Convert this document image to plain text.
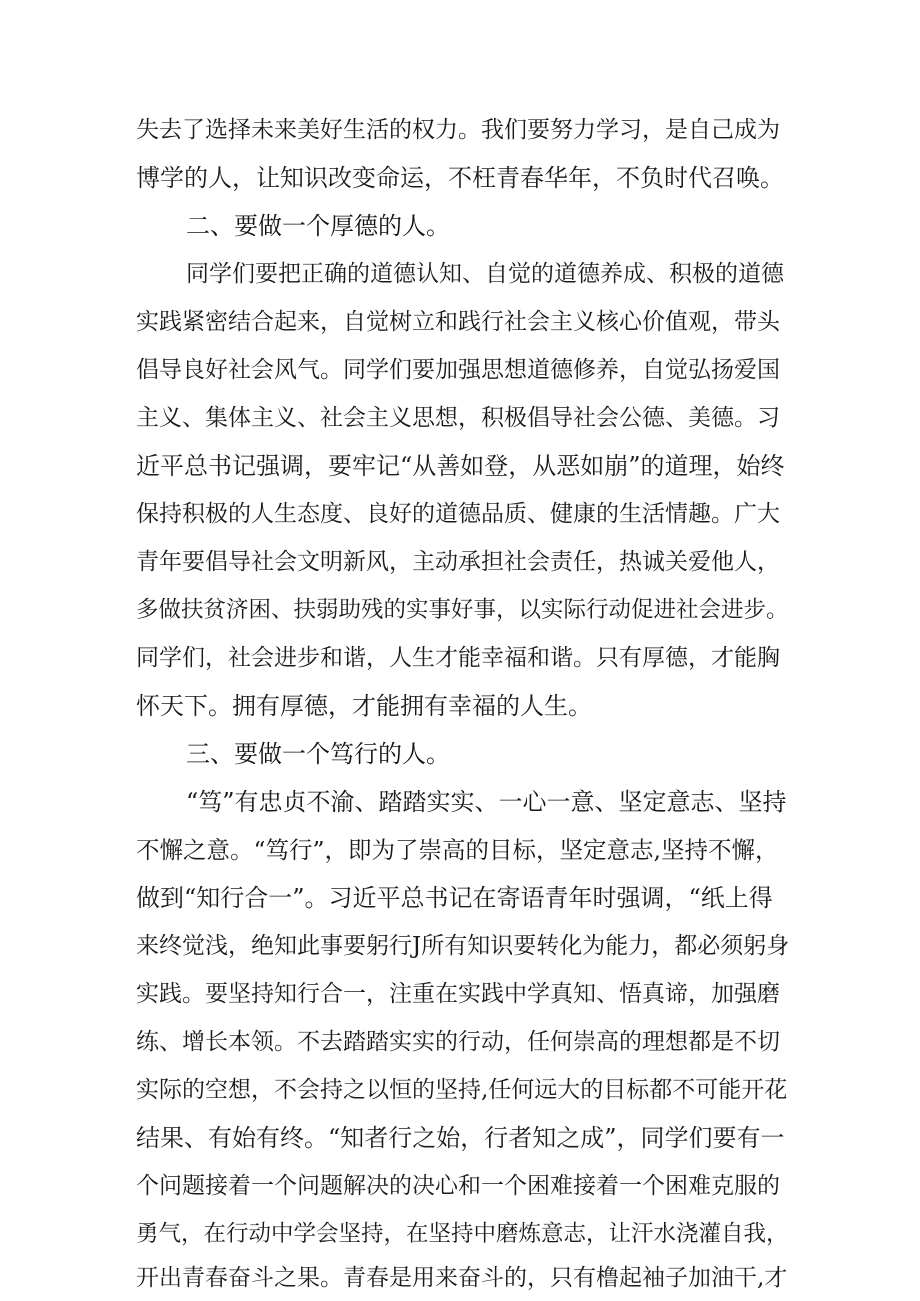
失去了选择未来美好生活的权力。我们要努力学习，是自己成为
博学的人，让知识改变命运，不枉青春华年，不负时代召唤。
二、要做一个厚德的人。
同学们要把正确的道德认知、自觉的道德养成、积极的道德
实践紧密结合起来，自觉树立和践行社会主义核心价值观，带头
倡导良好社会风气。同学们要加强思想道德修养，自觉弘扬爱国
主义、集体主义、社会主义思想，积极倡导社会公德、美德。习
近平总书记强调，要牢记“从善如登，从恶如崩”的道理，始终
保持积极的人生态度、良好的道德品质、健康的生活情趣。广大
青年要倡导社会文明新风，主动承担社会责任，热诚关爱他人，
多做扶贫济困、扶弱助残的实事好事，以实际行动促进社会进步。
同学们，社会进步和谐，人生才能幸福和谐。只有厚德，才能胸
怀天下。拥有厚德，才能拥有幸福的人生。
三、要做一个笃行的人。
“笃”有忠贞不渝、踏踏实实、一心一意、坚定意志、坚持
不懈之意。“笃行”，即为了崇高的目标，坚定意志,坚持不懈，
做到“知行合一”。习近平总书记在寄语青年时强调，“纸上得
来终觉浅，绝知此事要躬行J所有知识要转化为能力，都必须躬身
实践。要坚持知行合一，注重在实践中学真知、悟真谛，加强磨
练、增长本领。不去踏踏实实的行动，任何崇高的理想都是不切
实际的空想，不会持之以恒的坚持,任何远大的目标都不可能开花
结果、有始有终。“知者行之始，行者知之成”，同学们要有一
个问题接着一个问题解决的决心和一个困难接着一个困难克服的
勇气，在行动中学会坚持，在坚持中磨炼意志，让汗水浇灌自我，
开出青春奋斗之果。青春是用来奋斗的，只有橹起袖子加油干,才
